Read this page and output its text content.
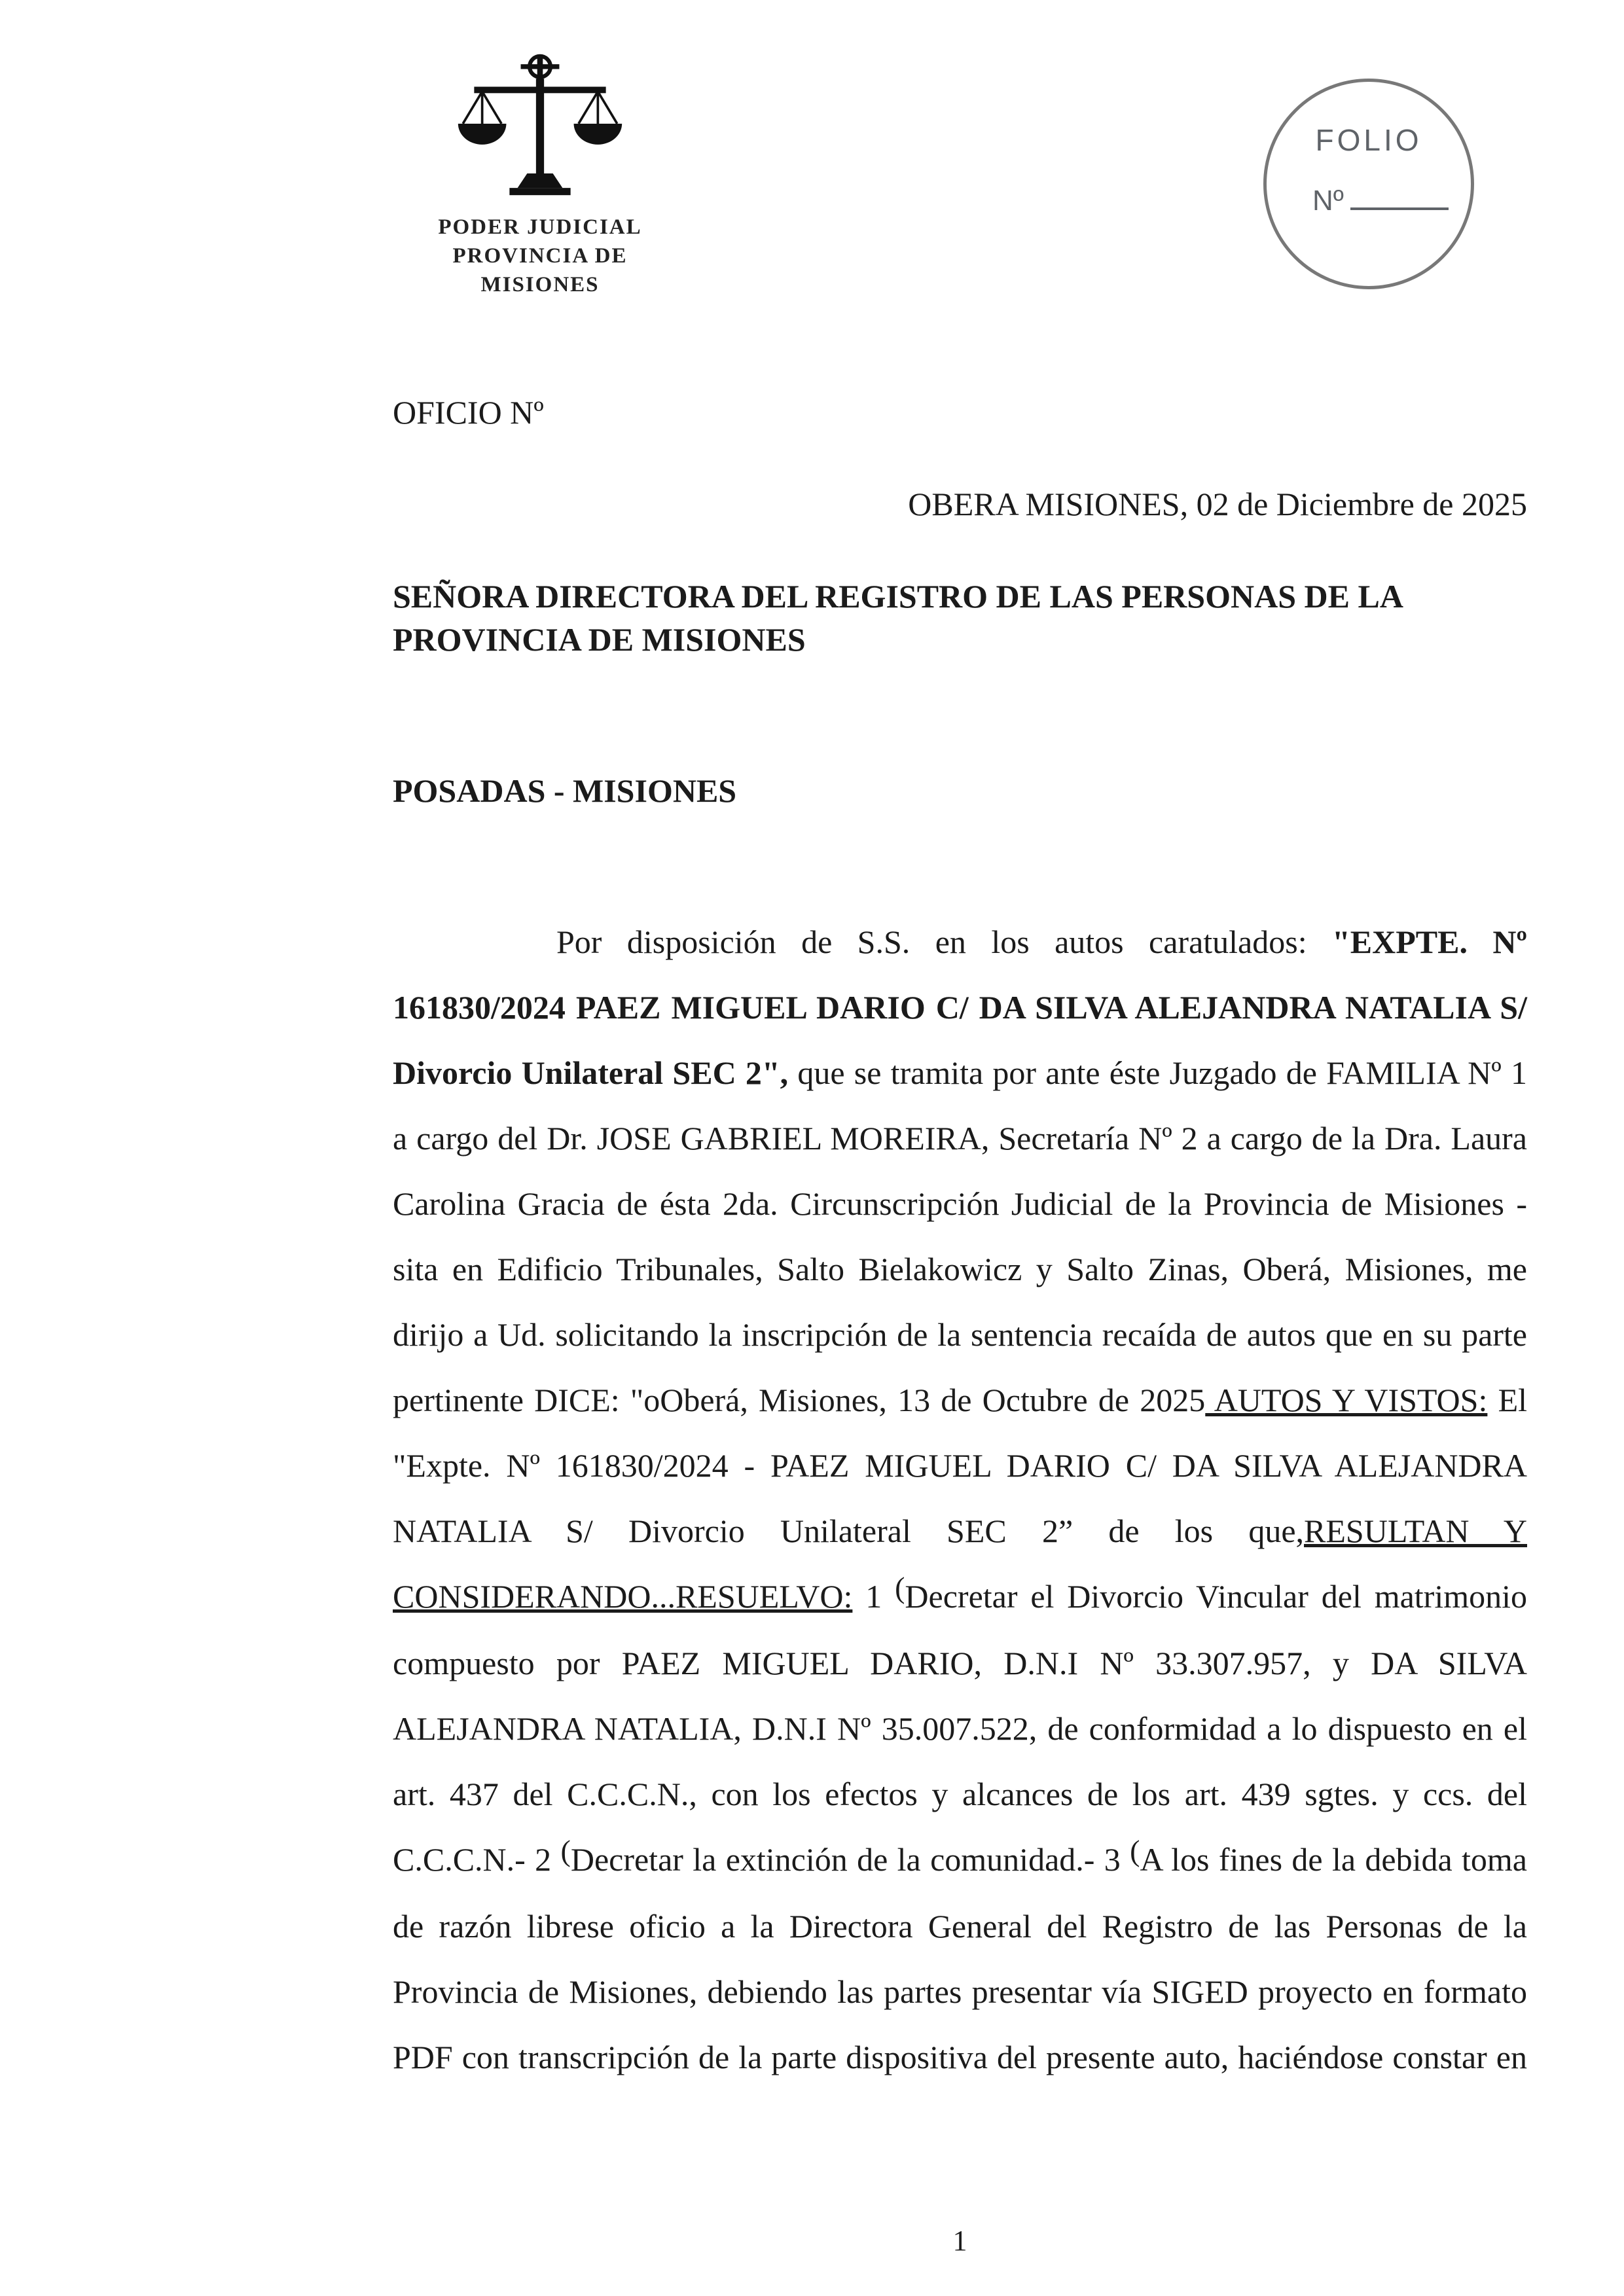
PODER JUDICIAL
PROVINCIA DE MISIONES
FOLIO
Nº
OFICIO Nº
OBERA MISIONES, 02 de Diciembre de 2025
SEÑORA DIRECTORA DEL REGISTRO DE LAS PERSONAS DE LA PROVINCIA DE MISIONES
POSADAS - MISIONES

Por disposición de S.S. en los autos caratulados: "EXPTE. Nº 161830/2024 PAEZ MIGUEL DARIO C/ DA SILVA ALEJANDRA NATALIA S/ Divorcio Unilateral SEC 2", que se tramita por ante éste Juzgado de FAMILIA Nº 1 a cargo del Dr. JOSE GABRIEL MOREIRA, Secretaría Nº 2 a cargo de la Dra. Laura Carolina Gracia de ésta 2da. Circunscripción Judicial de la Provincia de Misiones - sita en Edificio Tribunales, Salto Bielakowicz y Salto Zinas, Oberá, Misiones, me dirijo a Ud. solicitando la inscripción de la sentencia recaída de autos que en su parte pertinente DICE: "oOberá, Misiones, 13 de Octubre de 2025 AUTOS Y VISTOS: El "Expte. Nº 161830/2024 - PAEZ MIGUEL DARIO C/ DA SILVA ALEJANDRA NATALIA S/ Divorcio Unilateral SEC 2” de los que,RESULTAN Y CONSIDERANDO...RESUELVO: 1 (Decretar el Divorcio Vincular del matrimonio compuesto por PAEZ MIGUEL DARIO, D.N.I Nº 33.307.957, y DA SILVA ALEJANDRA NATALIA, D.N.I Nº 35.007.522, de conformidad a lo dispuesto en el art. 437 del C.C.C.N., con los efectos y alcances de los art. 439 sgtes. y ccs. del C.C.C.N.- 2 (Decretar la extinción de la comunidad.- 3 (A los fines de la debida toma de razón librese oficio a la Directora General del Registro de las Personas de la Provincia de Misiones, debiendo las partes presentar vía SIGED proyecto en formato PDF con transcripción de la parte dispositiva del presente auto, haciéndose constar en

1
